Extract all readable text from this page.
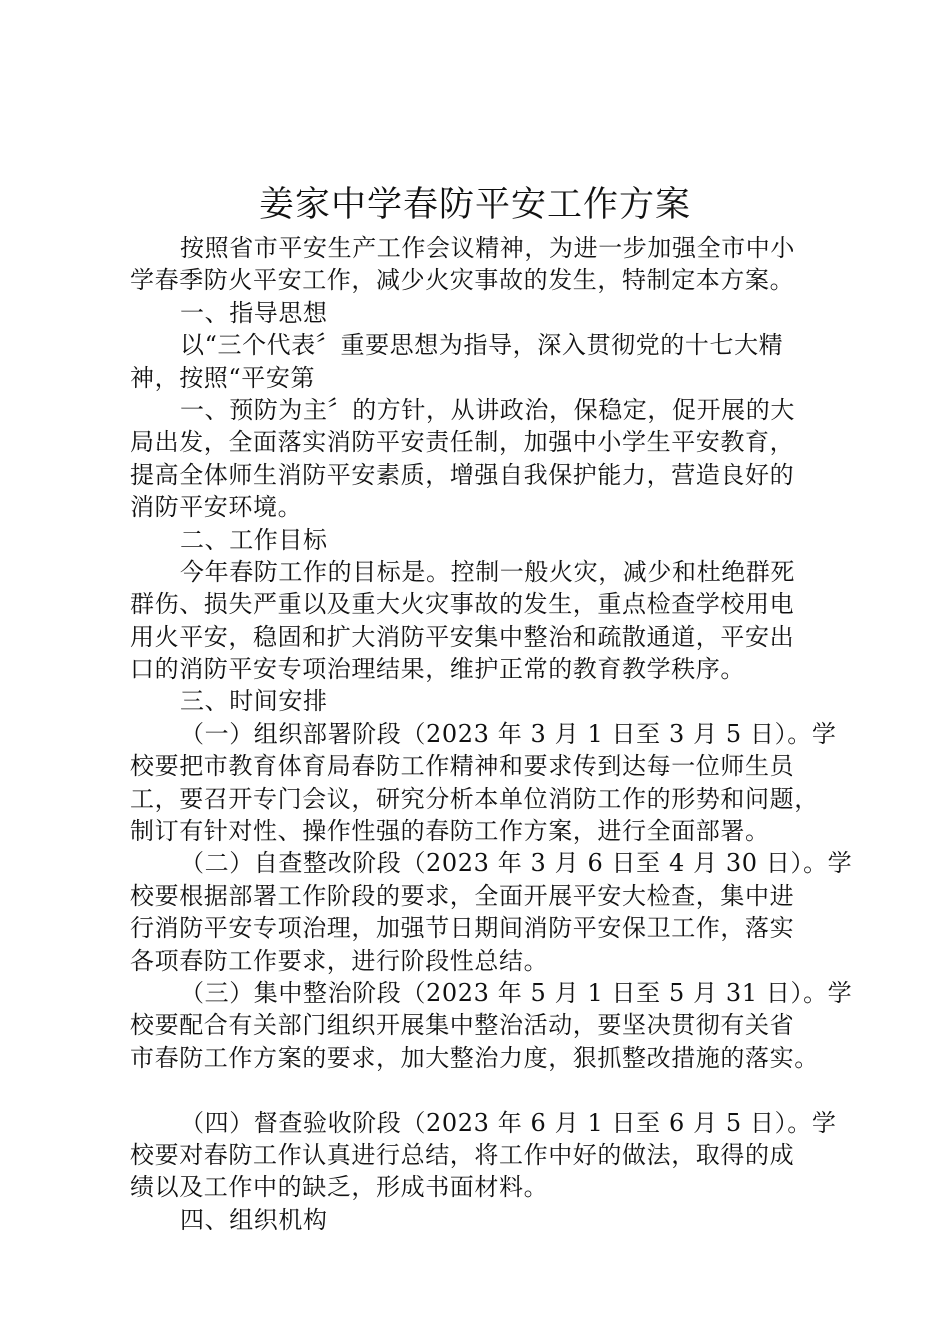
姜家中学春防平安工作方案
按照省市平安生产工作会议精神，为进一步加强全市中小
学春季防火平安工作，减少火灾事故的发生，特制定本方案。
一、指导思想
以“三个代表〞重要思想为指导，深入贯彻党的十七大精
神，按照“平安第
一、预防为主〞的方针，从讲政治，保稳定，促开展的大
局出发，全面落实消防平安责任制，加强中小学生平安教育，
提高全体师生消防平安素质，增强自我保护能力，营造良好的
消防平安环境。
二、工作目标
今年春防工作的目标是。控制一般火灾，减少和杜绝群死
群伤、损失严重以及重大火灾事故的发生，重点检查学校用电
用火平安，稳固和扩大消防平安集中整治和疏散通道，平安出
口的消防平安专项治理结果，维护正常的教育教学秩序。
三、时间安排
（一）组织部署阶段（2023 年 3 月 1 日至 3 月 5 日）。学
校要把市教育体育局春防工作精神和要求传到达每一位师生员
工，要召开专门会议，研究分析本单位消防工作的形势和问题，
制订有针对性、操作性强的春防工作方案，进行全面部署。
（二）自查整改阶段（2023 年 3 月 6 日至 4 月 30 日）。学
校要根据部署工作阶段的要求，全面开展平安大检查，集中进
行消防平安专项治理，加强节日期间消防平安保卫工作，落实
各项春防工作要求，进行阶段性总结。
（三）集中整治阶段（2023 年 5 月 1 日至 5 月 31 日）。学
校要配合有关部门组织开展集中整治活动，要坚决贯彻有关省
市春防工作方案的要求，加大整治力度，狠抓整改措施的落实。
（四）督查验收阶段（2023 年 6 月 1 日至 6 月 5 日）。学
校要对春防工作认真进行总结，将工作中好的做法，取得的成
绩以及工作中的缺乏，形成书面材料。
四、组织机构
